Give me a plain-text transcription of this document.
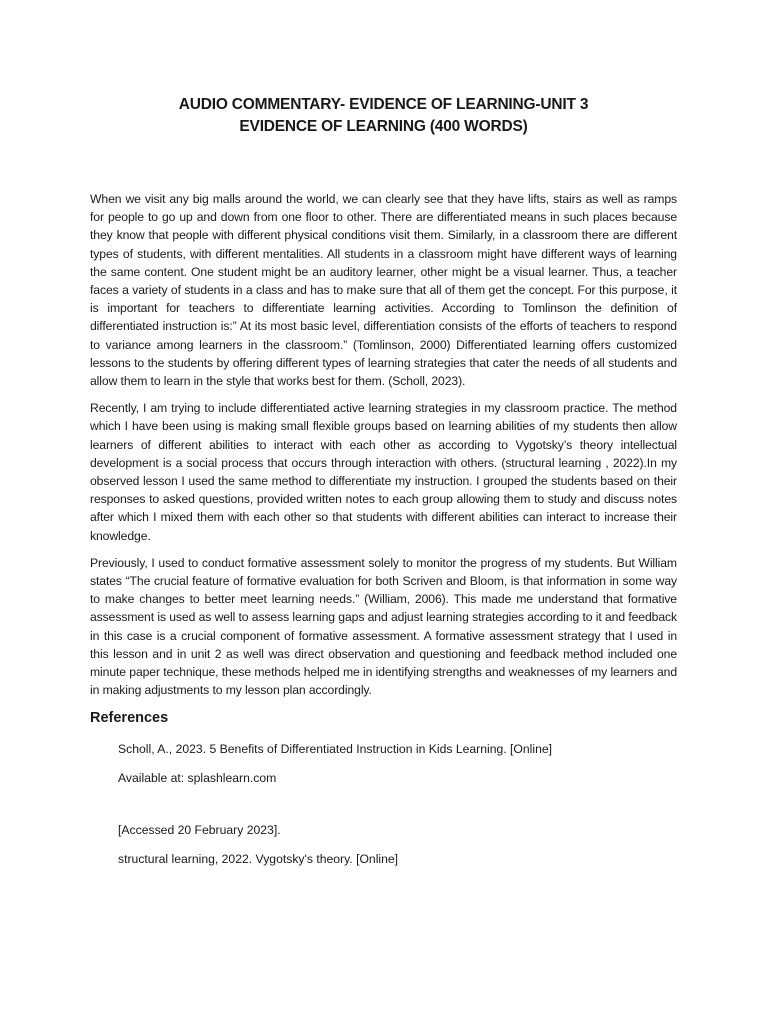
AUDIO COMMENTARY- EVIDENCE OF LEARNING-UNIT 3

EVIDENCE OF LEARNING (400 WORDS)

When we visit any big malls around the world, we can clearly see that they have lifts, stairs as well as ramps for people to go up and down from one floor to other. There are differentiated means in such places because they know that people with different physical conditions visit them. Similarly, in a classroom there are different types of students, with different mentalities. All students in a classroom might have different ways of learning the same content. One student might be an auditory learner, other might be a visual learner. Thus, a teacher faces a variety of students in a class and has to make sure that all of them get the concept. For this purpose, it is important for teachers to differentiate learning activities. According to Tomlinson the definition of differentiated instruction is:” At its most basic level, differentiation consists of the efforts of teachers to respond to variance among learners in the classroom.” (Tomlinson, 2000) Differentiated learning offers customized lessons to the students by offering different types of learning strategies that cater the needs of all students and allow them to learn in the style that works best for them. (Scholl, 2023).

Recently, I am trying to include differentiated active learning strategies in my classroom practice. The method which I have been using is making small flexible groups based on learning abilities of my students then allow learners of different abilities to interact with each other as according to Vygotsky’s theory intellectual development is a social process that occurs through interaction with others. (structural learning , 2022).In my observed lesson I used the same method to differentiate my instruction. I grouped the students based on their responses to asked questions, provided written notes to each group allowing them to study and discuss notes after which I mixed them with each other so that students with different abilities can interact to increase their knowledge.

Previously, I used to conduct formative assessment solely to monitor the progress of my students. But William states “The crucial feature of formative evaluation for both Scriven and Bloom, is that information in some way to make changes to better meet learning needs.” (William, 2006). This made me understand that formative assessment is used as well to assess learning gaps and adjust learning strategies according to it and feedback in this case is a crucial component of formative assessment. A formative assessment strategy that I used in this lesson and in unit 2 as well was direct observation and questioning and feedback method included one minute paper technique, these methods helped me in identifying strengths and weaknesses of my learners and in making adjustments to my lesson plan accordingly.

References
Scholl, A., 2023. 5 Benefits of Differentiated Instruction in Kids Learning. [Online]
Available at: splashlearn.com
[Accessed 20 February 2023].
structural learning, 2022. Vygotsky's theory. [Online]
